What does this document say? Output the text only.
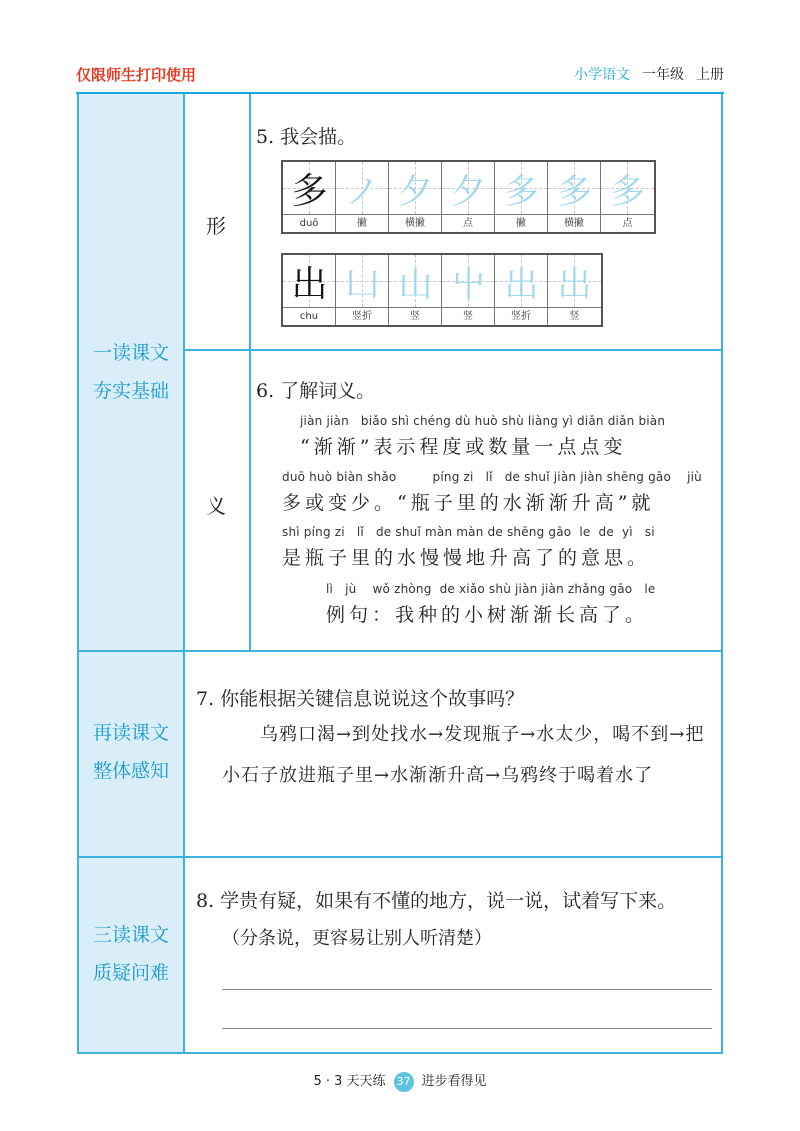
仅限师生打印使用	小学语文 一年级 上册
一读课文
夯实基础
再读课文
整体感知
三读课文
质疑问难
形
义
5. 我会描。
多
duō
ノ
撇
夕
横撇
夕
点
多
撇
多
横撇
多
点
出
chu
凵
竖折
山
竖
屮
竖
出
竖折
出
竖
6. 了解词义。
jiàn jiàn   biǎo shì chéng dù huò shù liàng yì diǎn diǎn biàn
“渐渐”表示程度或数量一点点变
duō huò biàn shǎo         píng zi   lǐ   de shuǐ jiàn jiàn shēng gāo    jiù
多或变少。“瓶子里的水渐渐升高”就
shì píng zi   lǐ   de shuǐ màn màn de shēng gāo  le  de  yì   si
是瓶子里的水慢慢地升高了的意思。
lì   jù    wǒ zhòng  de xiǎo shù jiàn jiàn zhǎng gāo   le
例句：我种的小树渐渐长高了。
7. 你能根据关键信息说说这个故事吗？
　　乌鸦口渴→到处找水→发现瓶子→水太少，喝不到→把小石子放进瓶子里→水渐渐升高→乌鸦终于喝着水了
8. 学贵有疑，如果有不懂的地方，说一说，试着写下来。
（分条说，更容易让别人听清楚）
5 · 3 天天练 37 进步看得见
